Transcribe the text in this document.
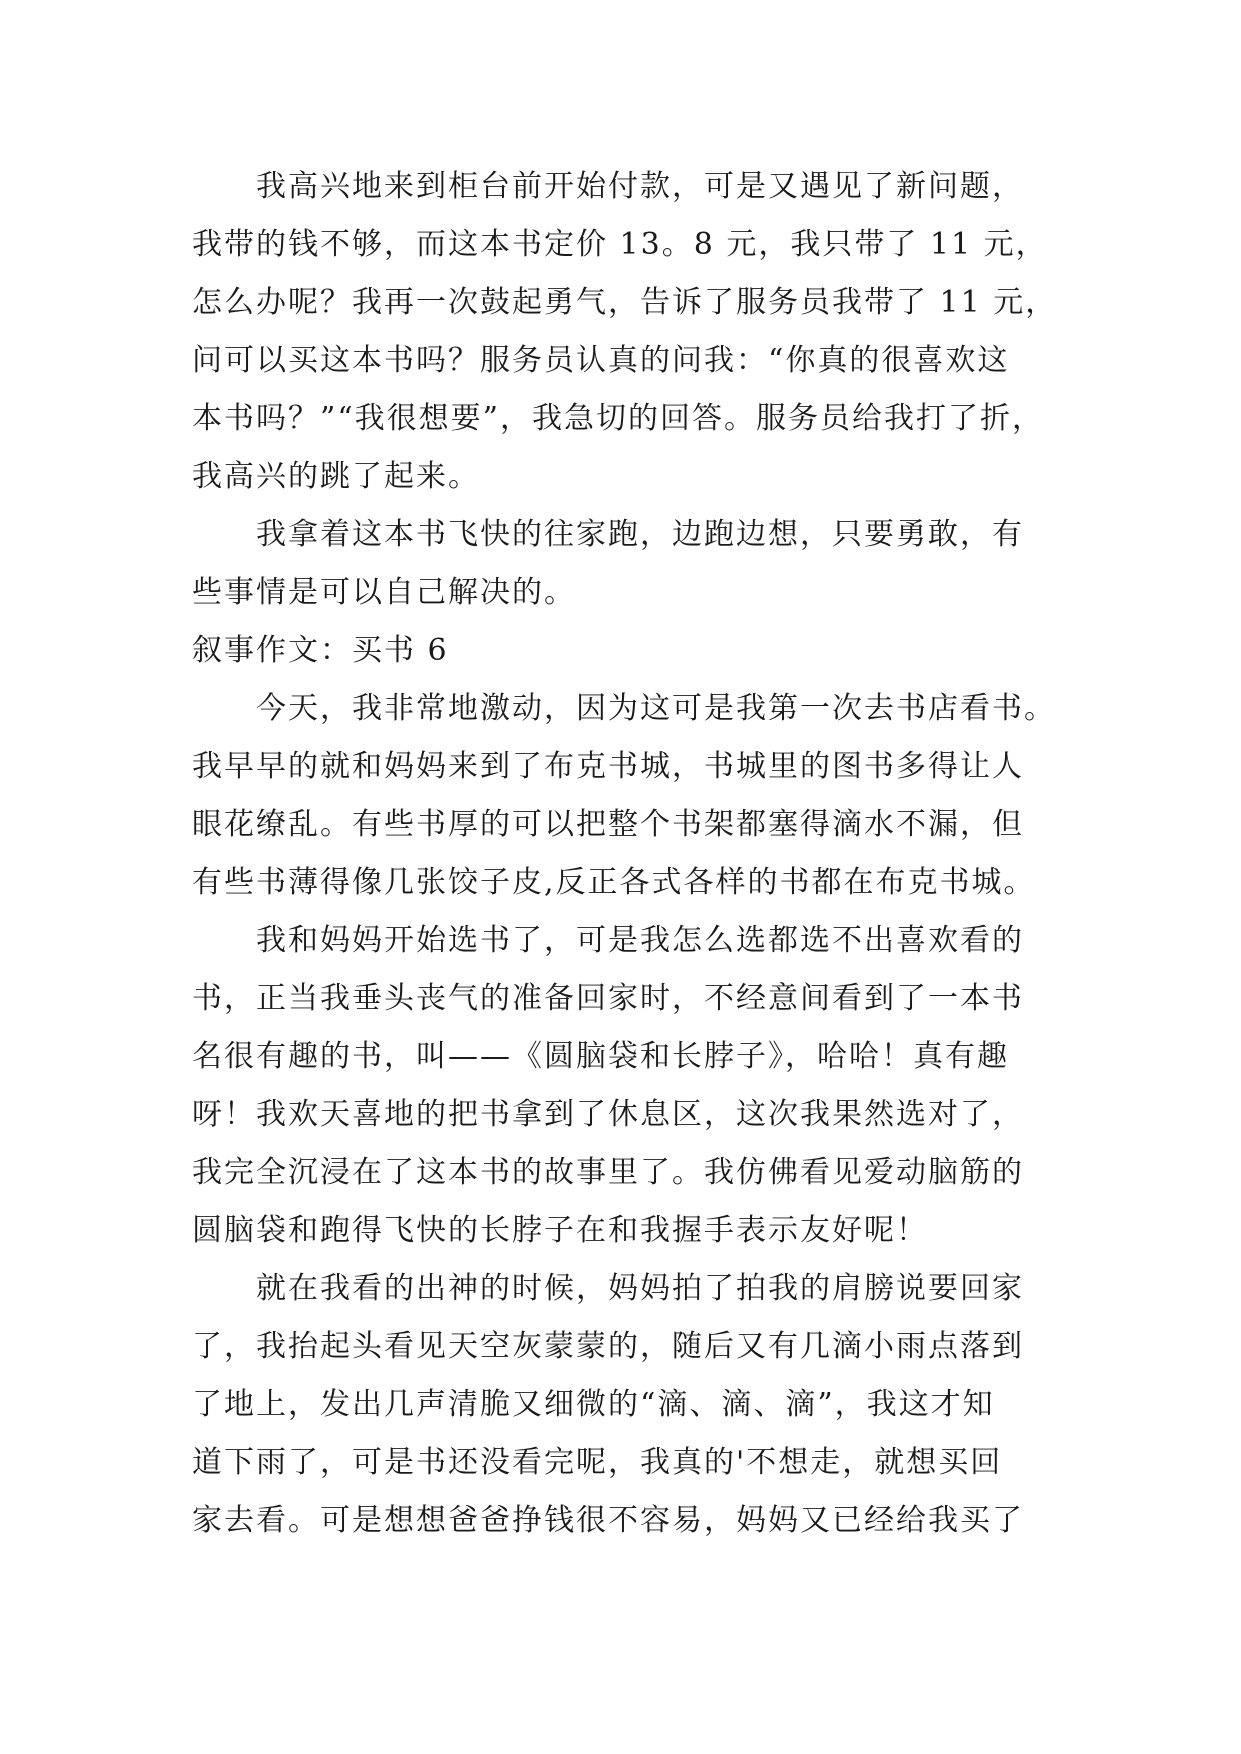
我高兴地来到柜台前开始付款，可是又遇见了新问题，
我带的钱不够，而这本书定价 13。8 元，我只带了 11 元，
怎么办呢？我再一次鼓起勇气，告诉了服务员我带了 11 元，
问可以买这本书吗？服务员认真的问我：“你真的很喜欢这
本书吗？”“我很想要”，我急切的回答。服务员给我打了折，
我高兴的跳了起来。
我拿着这本书飞快的往家跑，边跑边想，只要勇敢，有
些事情是可以自己解决的。
叙事作文：买书 6
今天，我非常地激动，因为这可是我第一次去书店看书。
我早早的就和妈妈来到了布克书城，书城里的图书多得让人
眼花缭乱。有些书厚的可以把整个书架都塞得滴水不漏，但
有些书薄得像几张饺子皮,反正各式各样的书都在布克书城。
我和妈妈开始选书了，可是我怎么选都选不出喜欢看的
书，正当我垂头丧气的准备回家时，不经意间看到了一本书
名很有趣的书，叫——《圆脑袋和长脖子》，哈哈！真有趣
呀！我欢天喜地的把书拿到了休息区，这次我果然选对了，
我完全沉浸在了这本书的故事里了。我仿佛看见爱动脑筋的
圆脑袋和跑得飞快的长脖子在和我握手表示友好呢！
就在我看的出神的时候，妈妈拍了拍我的肩膀说要回家
了，我抬起头看见天空灰蒙蒙的，随后又有几滴小雨点落到
了地上，发出几声清脆又细微的“滴、滴、滴”，我这才知
道下雨了，可是书还没看完呢，我真的'不想走，就想买回
家去看。可是想想爸爸挣钱很不容易，妈妈又已经给我买了
